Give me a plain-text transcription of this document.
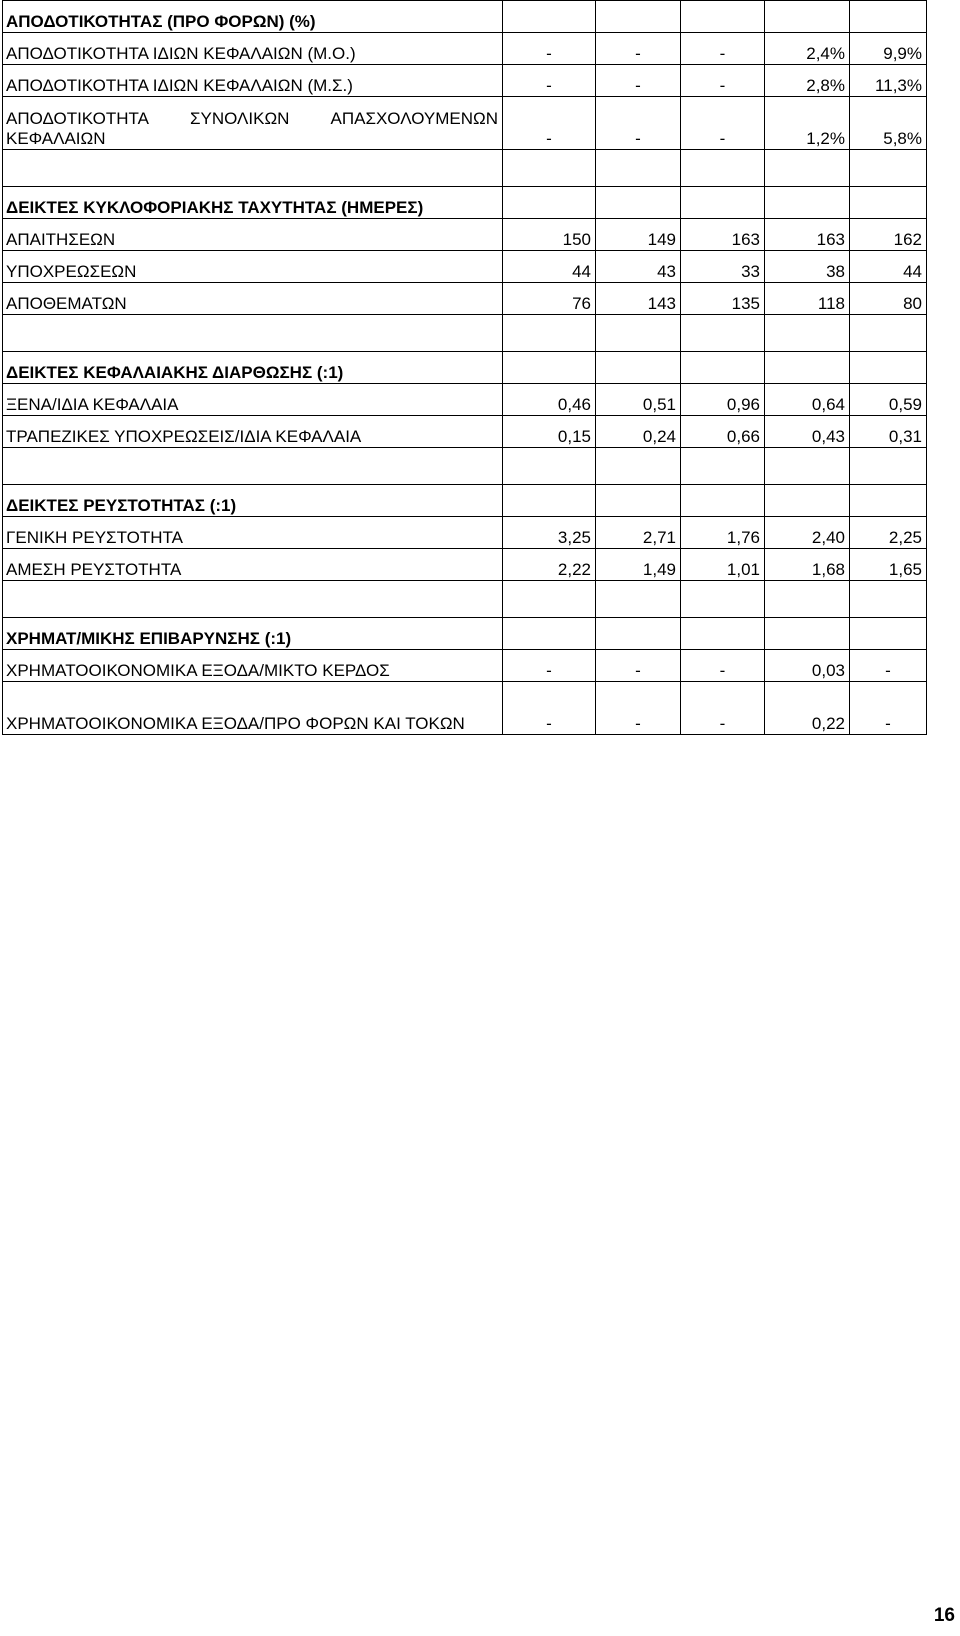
ΑΠΟΔΟΤΙΚΟΤΗΤΑΣ (ΠΡΟ ΦΟΡΩΝ) (%)					
ΑΠΟΔΟΤΙΚΟΤΗΤΑ ΙΔΙΩΝ ΚΕΦΑΛΑΙΩΝ (Μ.Ο.)	-	-	-	2,4%	9,9%
ΑΠΟΔΟΤΙΚΟΤΗΤΑ ΙΔΙΩΝ ΚΕΦΑΛΑΙΩΝ (Μ.Σ.)	-	-	-	2,8%	11,3%
ΑΠΟΔΟΤΙΚΟΤΗΤΑ ΣΥΝΟΛΙΚΩΝ ΑΠΑΣΧΟΛΟΥΜΕΝΩΝ ΚΕΦΑΛΑΙΩΝ	-	-	-	1,2%	5,8%

ΔΕΙΚΤΕΣ ΚΥΚΛΟΦΟΡΙΑΚΗΣ ΤΑΧΥΤΗΤΑΣ (ΗΜΕΡΕΣ)					
ΑΠΑΙΤΗΣΕΩΝ	150	149	163	163	162
ΥΠΟΧΡΕΩΣΕΩΝ	44	43	33	38	44
ΑΠΟΘΕΜΑΤΩΝ	76	143	135	118	80

ΔΕΙΚΤΕΣ ΚΕΦΑΛΑΙΑΚΗΣ ΔΙΑΡΘΩΣΗΣ (:1)					
ΞΕΝΑ/ΙΔΙΑ ΚΕΦΑΛΑΙΑ	0,46	0,51	0,96	0,64	0,59
ΤΡΑΠΕΖΙΚΕΣ ΥΠΟΧΡΕΩΣΕΙΣ/ΙΔΙΑ ΚΕΦΑΛΑΙΑ	0,15	0,24	0,66	0,43	0,31

ΔΕΙΚΤΕΣ ΡΕΥΣΤΟΤΗΤΑΣ (:1)					
ΓΕΝΙΚΗ ΡΕΥΣΤΟΤΗΤΑ	3,25	2,71	1,76	2,40	2,25
ΑΜΕΣΗ ΡΕΥΣΤΟΤΗΤΑ	2,22	1,49	1,01	1,68	1,65

ΧΡΗΜΑΤ/ΜΙΚΗΣ ΕΠΙΒΑΡΥΝΣΗΣ (:1)					
ΧΡΗΜΑΤΟΟΙΚΟΝΟΜΙΚΑ ΕΞΟΔΑ/ΜΙΚΤΟ ΚΕΡΔΟΣ	-	-	-	0,03	-
ΧΡΗΜΑΤΟΟΙΚΟΝΟΜΙΚΑ ΕΞΟΔΑ/ΠΡΟ ΦΟΡΩΝ ΚΑΙ ΤΟΚΩΝ	-	-	-	0,22	-
16
